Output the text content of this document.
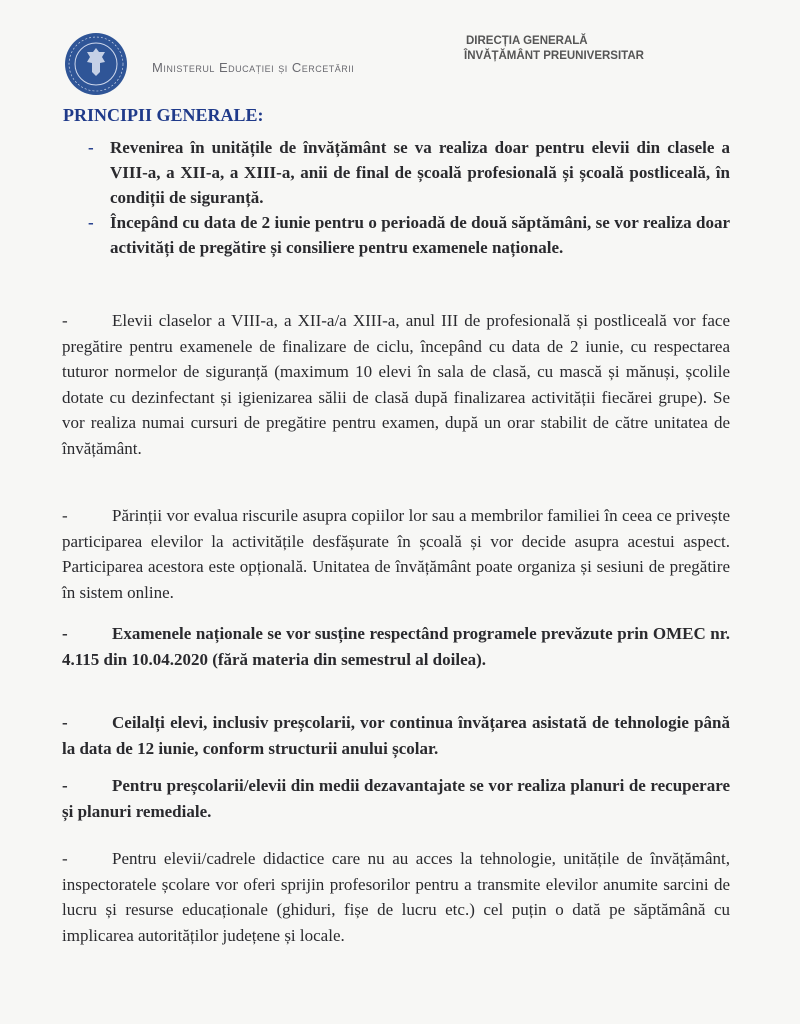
Ministerul Educației și Cercetării
DIRECȚIA GENERALĂ
ÎNVĂȚĂMÂNT PREUNIVERSITAR
PRINCIPII GENERALE:
- Revenirea în unitățile de învățământ se va realiza doar pentru elevii din clasele a VIII-a, a XII-a, a XIII-a, anii de final de școală profesională și școală postliceală, în condiții de siguranță.
- Începând cu data de 2 iunie pentru o perioadă de două săptămâni, se vor realiza doar activități de pregătire și consiliere pentru examenele naționale.
-	Elevii claselor a VIII-a, a XII-a/a XIII-a, anul III de profesională și postliceală vor face pregătire pentru examenele de finalizare de ciclu, începând cu data de 2 iunie, cu respectarea tuturor normelor de siguranță (maximum 10 elevi în sala de clasă, cu mască și mănuși, școlile dotate cu dezinfectant și igienizarea sălii de clasă după finalizarea activității fiecărei grupe). Se vor realiza numai cursuri de pregătire pentru examen, după un orar stabilit de către unitatea de învățământ.
-	Părinții vor evalua riscurile asupra copiilor lor sau a membrilor familiei în ceea ce privește participarea elevilor la activitățile desfășurate în școală și vor decide asupra acestui aspect. Participarea acestora este opțională. Unitatea de învățământ poate organiza și sesiuni de pregătire în sistem online.
-	Examenele naționale se vor susține respectând programele prevăzute prin OMEC nr. 4.115 din 10.04.2020 (fără materia din semestrul al doilea).
-	Ceilalți elevi, inclusiv preșcolarii, vor continua învățarea asistată de tehnologie până la data de 12 iunie, conform structurii anului școlar.
-	Pentru preșcolarii/elevii din medii dezavantajate se vor realiza planuri de recuperare și planuri remediale.
-	Pentru elevii/cadrele didactice care nu au acces la tehnologie, unitățile de învățământ, inspectoratele școlare vor oferi sprijin profesorilor pentru a transmite elevilor anumite sarcini de lucru și resurse educaționale (ghiduri, fișe de lucru etc.) cel puțin o dată pe săptămână cu implicarea autorităților județene și locale.
